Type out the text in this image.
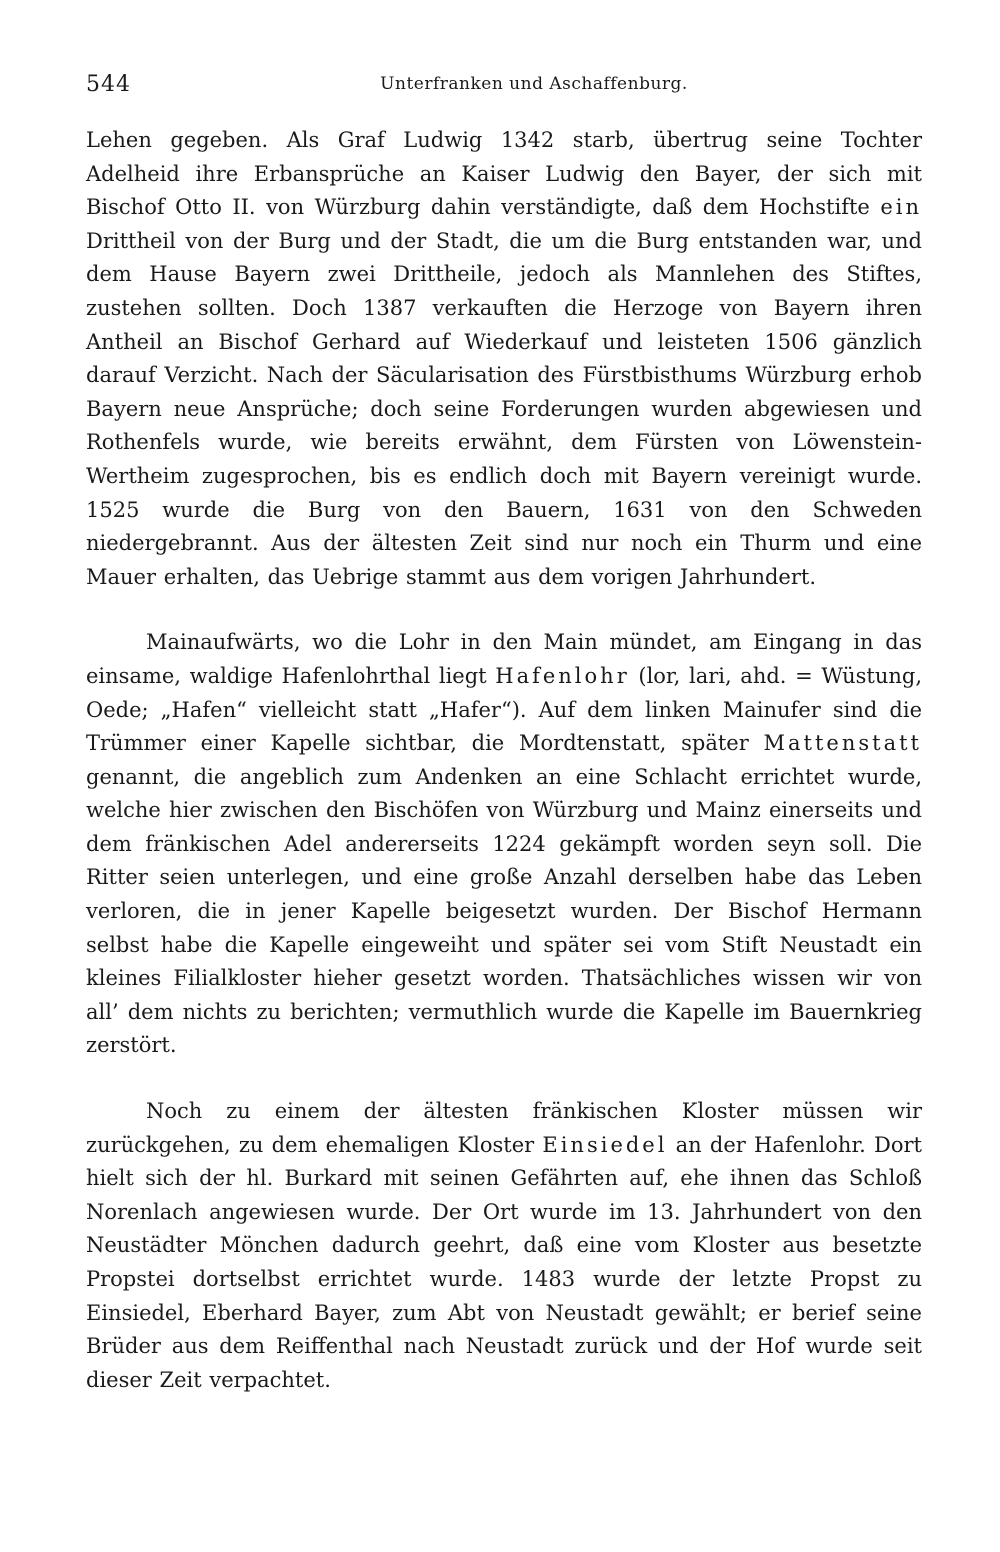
544	Unterfranken und Aschaffenburg.

Lehen gegeben. Als Graf Ludwig 1342 starb, übertrug seine Tochter Adelheid ihre Erbansprüche an Kaiser Ludwig den Bayer, der sich mit Bischof Otto II. von Würzburg dahin verständigte, daß dem Hochstifte ein Drittheil von der Burg und der Stadt, die um die Burg entstanden war, und dem Hause Bayern zwei Drittheile, jedoch als Mannlehen des Stiftes, zustehen sollten. Doch 1387 verkauften die Herzoge von Bayern ihren Antheil an Bischof Gerhard auf Wiederkauf und leisteten 1506 gänzlich darauf Verzicht. Nach der Säcularisation des Fürstbisthums Würzburg erhob Bayern neue Ansprüche; doch seine Forderungen wurden abgewiesen und Rothenfels wurde, wie bereits erwähnt, dem Fürsten von Löwenstein-Wertheim zugesprochen, bis es endlich doch mit Bayern vereinigt wurde. 1525 wurde die Burg von den Bauern, 1631 von den Schweden niedergebrannt. Aus der ältesten Zeit sind nur noch ein Thurm und eine Mauer erhalten, das Uebrige stammt aus dem vorigen Jahrhundert.

Mainaufwärts, wo die Lohr in den Main mündet, am Eingang in das einsame, waldige Hafenlohrthal liegt Hafenlohr (lor, lari, ahd. = Wüstung, Oede; „Hafen“ vielleicht statt „Hafer“). Auf dem linken Mainufer sind die Trümmer einer Kapelle sichtbar, die Mordtenstatt, später Mattenstatt genannt, die angeblich zum Andenken an eine Schlacht errichtet wurde, welche hier zwischen den Bischöfen von Würzburg und Mainz einerseits und dem fränkischen Adel andererseits 1224 gekämpft worden seyn soll. Die Ritter seien unterlegen, und eine große Anzahl derselben habe das Leben verloren, die in jener Kapelle beigesetzt wurden. Der Bischof Hermann selbst habe die Kapelle eingeweiht und später sei vom Stift Neustadt ein kleines Filialkloster hieher gesetzt worden. Thatsächliches wissen wir von all’ dem nichts zu berichten; vermuthlich wurde die Kapelle im Bauernkrieg zerstört.

Noch zu einem der ältesten fränkischen Kloster müssen wir zurückgehen, zu dem ehemaligen Kloster Einsiedel an der Hafenlohr. Dort hielt sich der hl. Burkard mit seinen Gefährten auf, ehe ihnen das Schloß Norenlach angewiesen wurde. Der Ort wurde im 13. Jahrhundert von den Neustädter Mönchen dadurch geehrt, daß eine vom Kloster aus besetzte Propstei dortselbst errichtet wurde. 1483 wurde der letzte Propst zu Einsiedel, Eberhard Bayer, zum Abt von Neustadt gewählt; er berief seine Brüder aus dem Reiffenthal nach Neustadt zurück und der Hof wurde seit dieser Zeit verpachtet.
